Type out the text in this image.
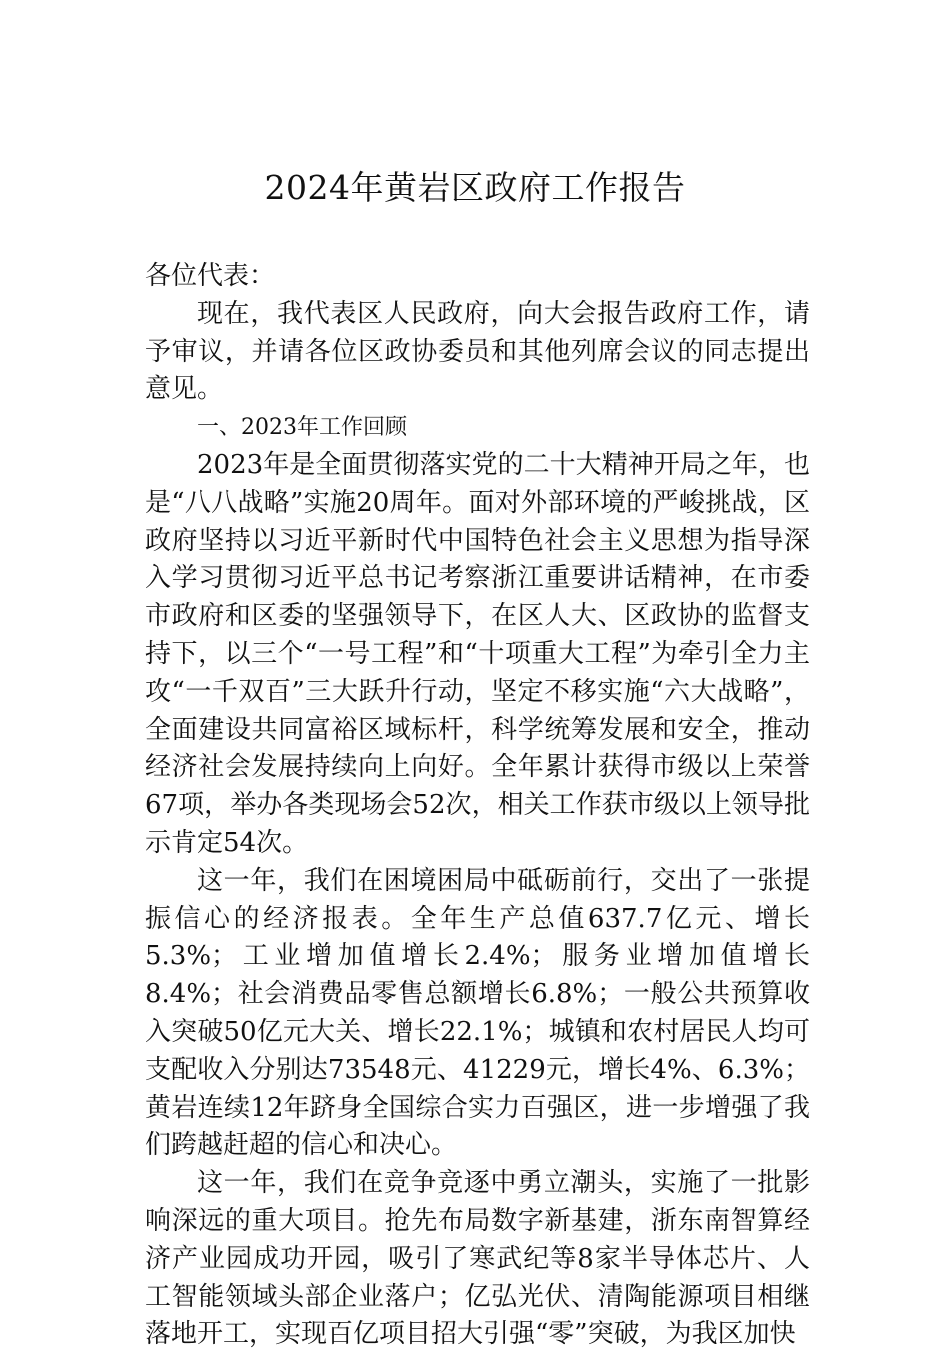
2024年黄岩区政府工作报告

各位代表：

现在，我代表区人民政府，向大会报告政府工作，请予审议，并请各位区政协委员和其他列席会议的同志提出意见。

一、2023年工作回顾

2023年是全面贯彻落实党的二十大精神开局之年，也是“八八战略”实施20周年。面对外部环境的严峻挑战，区政府坚持以习近平新时代中国特色社会主义思想为指导深入学习贯彻习近平总书记考察浙江重要讲话精神，在市委市政府和区委的坚强领导下，在区人大、区政协的监督支持下，以三个“一号工程”和“十项重大工程”为牵引全力主攻“一千双百”三大跃升行动，坚定不移实施“六大战略”，全面建设共同富裕区域标杆，科学统筹发展和安全，推动经济社会发展持续向上向好。全年累计获得市级以上荣誉67项，举办各类现场会52次，相关工作获市级以上领导批示肯定54次。

这一年，我们在困境困局中砥砺前行，交出了一张提振信心的经济报表。全年生产总值637.7亿元、增长5.3%；工业增加值增长2.4%；服务业增加值增长8.4%；社会消费品零售总额增长6.8%；一般公共预算收入突破50亿元大关、增长22.1%；城镇和农村居民人均可支配收入分别达73548元、41229元，增长4%、6.3%；黄岩连续12年跻身全国综合实力百强区，进一步增强了我们跨越赶超的信心和决心。

这一年，我们在竞争竞逐中勇立潮头，实施了一批影响深远的重大项目。抢先布局数字新基建，浙东南智算经济产业园成功开园，吸引了寒武纪等8家半导体芯片、人工智能领域头部企业落户；亿弘光伏、清陶能源项目相继落地开工，实现百亿项目招大引强“零”突破，为我区加快
